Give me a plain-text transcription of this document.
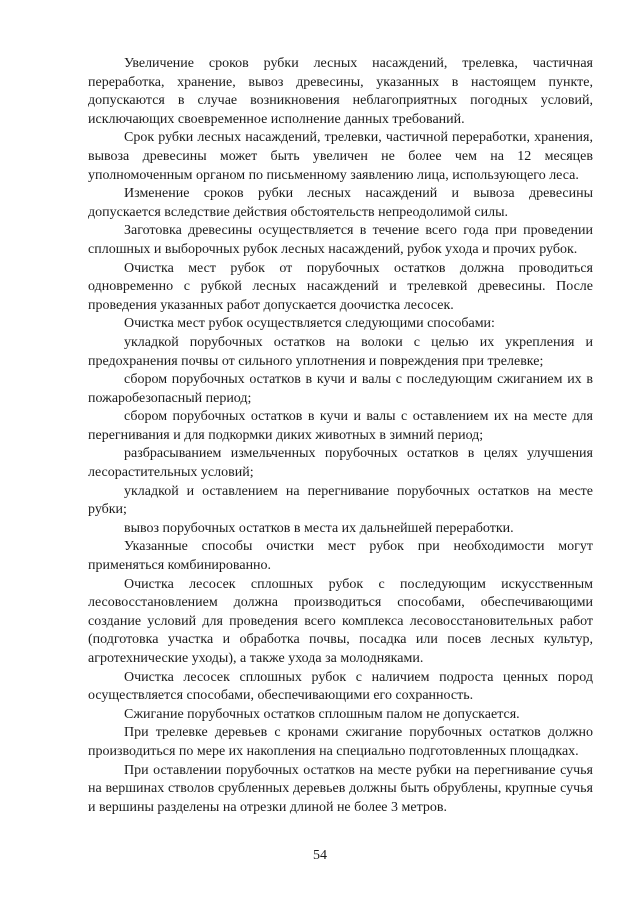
Увеличение сроков рубки лесных насаждений, трелевка, частичная переработка, хранение, вывоз древесины, указанных в настоящем пункте, допускаются в случае возникновения неблагоприятных погодных условий, исключающих своевременное исполнение данных требований.

Срок рубки лесных насаждений, трелевки, частичной переработки, хранения, вывоза древесины может быть увеличен не более чем на 12 месяцев уполномоченным органом по письменному заявлению лица, использующего леса.

Изменение сроков рубки лесных насаждений и вывоза древесины допускается вследствие действия обстоятельств непреодолимой силы.

Заготовка древесины осуществляется в течение всего года при проведении сплошных и выборочных рубок лесных насаждений, рубок ухода и прочих рубок.

Очистка мест рубок от порубочных остатков должна проводиться одновременно с рубкой лесных насаждений и трелевкой древесины. После проведения указанных работ допускается доочистка лесосек.

Очистка мест рубок осуществляется следующими способами:

укладкой порубочных остатков на волоки с целью их укрепления и предохранения почвы от сильного уплотнения и повреждения при трелевке;

сбором порубочных остатков в кучи и валы с последующим сжиганием их в пожаробезопасный период;

сбором порубочных остатков в кучи и валы с оставлением их на месте для перегнивания и для подкормки диких животных в зимний период;

разбрасыванием измельченных порубочных остатков в целях улучшения лесорастительных условий;

укладкой и оставлением на перегнивание порубочных остатков на месте рубки;

вывоз порубочных остатков в места их дальнейшей переработки.

Указанные способы очистки мест рубок при необходимости могут применяться комбинированно.

Очистка лесосек сплошных рубок с последующим искусственным лесовосстановлением должна производиться способами, обеспечивающими создание условий для проведения всего комплекса лесовосстановительных работ (подготовка участка и обработка почвы, посадка или посев лесных культур, агротехнические уходы), а также ухода за молодняками.

Очистка лесосек сплошных рубок с наличием подроста ценных пород осуществляется способами, обеспечивающими его сохранность.

Сжигание порубочных остатков сплошным палом не допускается.

При трелевке деревьев с кронами сжигание порубочных остатков должно производиться по мере их накопления на специально подготовленных площадках.

При оставлении порубочных остатков на месте рубки на перегнивание сучья на вершинах стволов срубленных деревьев должны быть обрублены, крупные сучья и вершины разделены на отрезки длиной не более 3 метров.

54
